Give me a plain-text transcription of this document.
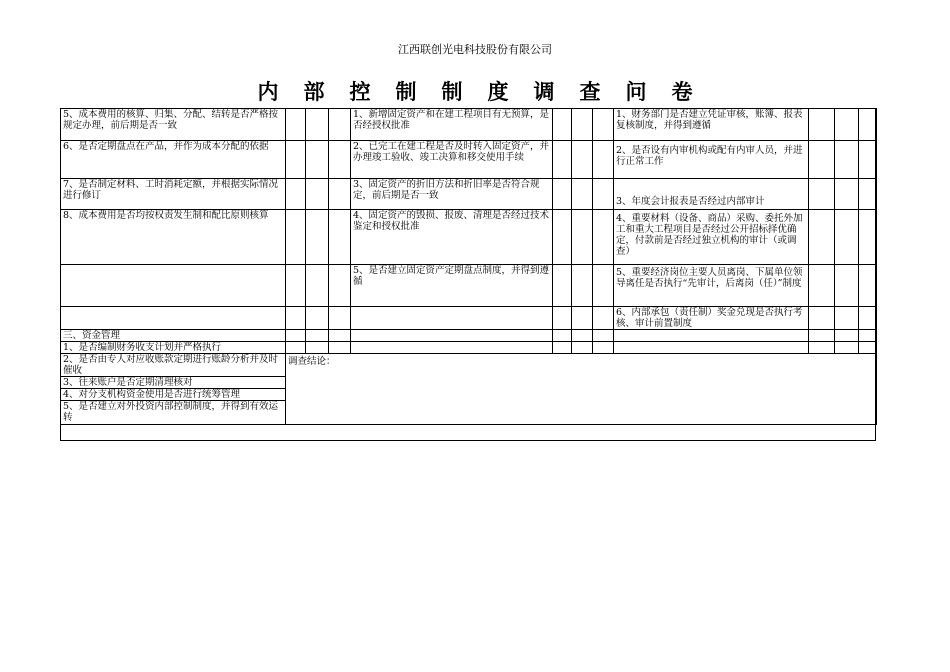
江西联创光电科技股份有限公司
内部控制制度调查问卷
5、成本费用的核算、归集、分配、结转是否严格按规定办理，前后期是否一致				1、新增固定资产和在建工程项目有无预算，是否经授权批准				1、财务部门是否建立凭证审核，账簿、报表复核制度，并得到遵循			
6、是否定期盘点在产品，并作为成本分配的依据				2、已完工在建工程是否及时转入固定资产，并办理竣工验收、竣工决算和移交使用手续				2、是否设有内审机构或配有内审人员，并进行正常工作			
7、是否制定材料、工时消耗定额，并根据实际情况进行修订				3、固定资产的折旧方法和折旧率是否符合规定，前后期是否一致				3、年度会计报表是否经过内部审计			
8、成本费用是否均按权责发生制和配比原则核算				4、固定资产的毁损、报废、清理是否经过技术鉴定和授权批准				4、重要材料（设备、商品）采购、委托外加工和重大工程项目是否经过公开招标择优确定，付款前是否经过独立机构的审计（或调查）			
				5、是否建立固定资产定期盘点制度，并得到遵循				5、重要经济岗位主要人员离岗、下属单位领导离任是否执行“先审计，后离岗（任）”制度			
								6、内部承包（责任制）奖金兑现是否执行考核、审计前置制度			
三、资金管理											
1、是否编制财务收支计划并严格执行											
2、是否由专人对应收账款定期进行账龄分析并及时催收	调查结论：										
3、往来账户是否定期清理核对											
4、对分支机构资金使用是否进行统筹管理											
5、是否建立对外投资内部控制制度，并得到有效运转											
